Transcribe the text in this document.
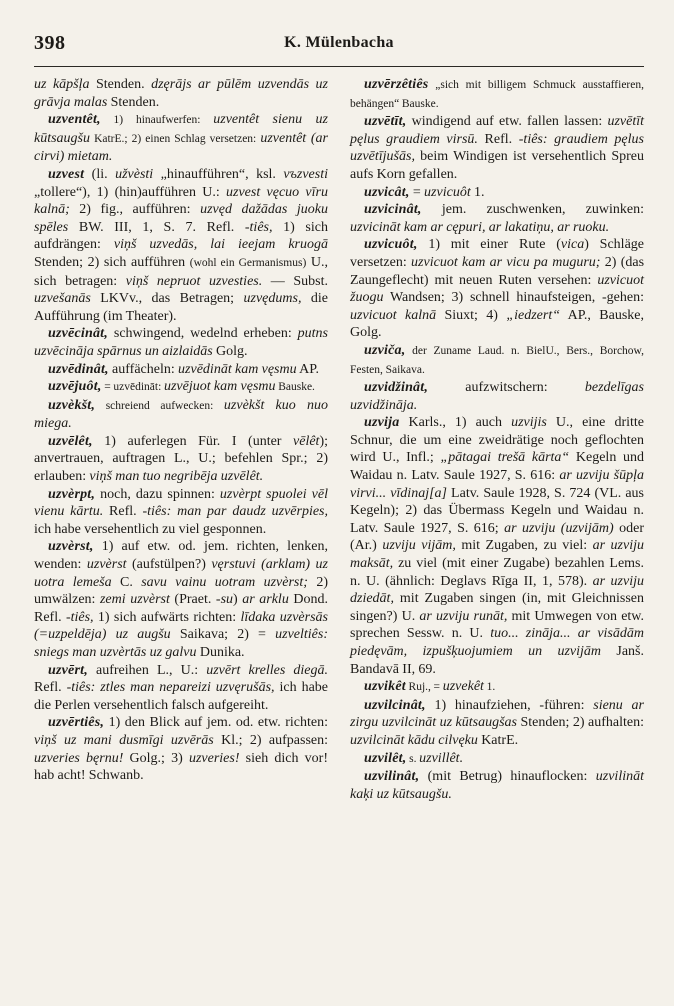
398	K. Mülenbacha

uz kāpšļa Stenden. dzęrājs ar pūlēm uzvendās uz grāvja malas Stenden.

uzventêt, 1) hinaufwerfen: uzventêt sienu uz kūtsaugšu KatrE.; 2) einen Schlag versetzen: uzventêt (ar cirvi) mietam.

uzvest (li. užvèsti „hinaufführen“, ksl. vъzvesti „tollere“), 1) (hin)aufführen U.: uzvest vęcuo vīru kalnā; 2) fig., aufführen: uzvęd dažādas juoku spēles BW. III, 1, S. 7. Refl. -tiês, 1) sich aufdrängen: viņš uzvedās, lai ieejam kruogā Stenden; 2) sich aufführen (wohl ein Germanismus) U., sich betragen: viņš nepruot uzvesties. — Subst. uzvešanās LKVv., das Betragen; uzvędums, die Aufführung (im Theater).

uzvēcinât, schwingend, wedelnd erheben: putns uzvēcināja spārnus un aizlaidās Golg.

uzvēdinât, auffächeln: uzvēdināt kam vęsmu AP.

uzvējuôt, = uzvēdināt: uzvējuot kam vęsmu Bauske.

uzvèkšt, schreiend aufwecken: uzvèkšt kuo nuo miega.

uzvēlêt, 1) auferlegen Für. I (unter vēlêt); anvertrauen, auftragen L., U.; befehlen Spr.; 2) erlauben: viņš man tuo negribēja uzvēlêt.

uzvèrpt, noch, dazu spinnen: uzvèrpt spuolei vēl vienu kārtu. Refl. -tiês: man par daudz uzvērpies, ich habe versehentlich zu viel gesponnen.

uzvèrst, 1) auf etw. od. jem. richten, lenken, wenden: uzvèrst (aufstülpen?) vęrstuvi (arklam) uz uotra lemeša C. savu vainu uotram uzvèrst; 2) umwälzen: zemi uzvèrst (Praet. -su) ar arklu Dond. Refl. -tiês, 1) sich aufwärts richten: līdaka uzvèrsās (=uzpeldēja) uz augšu Saikava; 2) = uzveltiês: sniegs man uzvèrtās uz galvu Dunika.

uzvērt, aufreihen L., U.: uzvērt krelles diegā. Refl. -tiês: ztles man nepareizi uzvęrušās, ich habe die Perlen versehentlich falsch aufgereiht.

uzvērtiês, 1) den Blick auf jem. od. etw. richten: viņš uz mani dusmīgi uzvērās Kl.; 2) aufpassen: uzveries bęrnu! Golg.; 3) uzveries! sieh dich vor! hab acht! Schwanb.

uzvērzêtiês „sich mit billigem Schmuck ausstaffieren, behängen“ Bauske.

uzvētīt, windigend auf etw. fallen lassen: uzvētīt pęlus graudiem virsū. Refl. -tiês: graudiem pęlus uzvētījušās, beim Windigen ist versehentlich Spreu aufs Korn gefallen.

uzvicât, = uzvicuôt 1.

uzvicinât, jem. zuschwenken, zuwinken: uzvicināt kam ar cępuri, ar lakatiņu, ar ruoku.

uzvicuôt, 1) mit einer Rute (vica) Schläge versetzen: uzvicuot kam ar vicu pa muguru; 2) (das Zaungeflecht) mit neuen Ruten versehen: uzvicuot žuogu Wandsen; 3) schnell hinaufsteigen, -gehen: uzvicuot kalnā Siuxt; 4) „iedzert“ AP., Bauske, Golg.

uzviča, der Zuname Laud. n. BielU., Bers., Borchow, Festen, Saikava.

uzvidžinât, aufzwitschern: bezdelīgas uzvidžināja.

uzvija Karls., 1) auch uzvijis U., eine dritte Schnur, die um eine zweidrätige noch geflochten wird U., Infl.; „pātagai trešā kārta“ Kegeln und Waidau n. Latv. Saule 1927, S. 616: ar uzviju šūpļa virvi... vīdinaj[a] Latv. Saule 1928, S. 724 (VL. aus Kegeln); 2) das Übermass Kegeln und Waidau n. Latv. Saule 1927, S. 616; ar uzviju (uzvijām) oder (Ar.) uzviju vijām, mit Zugaben, zu viel: ar uzviju maksāt, zu viel (mit einer Zugabe) bezahlen Lems. n. U. (ähnlich: Deglavs Rīga II, 1, 578). ar uzviju dziedāt, mit Zugaben singen (in, mit Gleichnissen singen?) U. ar uzviju runāt, mit Umwegen von etw. sprechen Sessw. n. U. tuo... zināja... ar visādām piedęvām, izpušķuojumiem un uzvijām Janš. Bandavā II, 69.

uzvikêt Ruj., = uzvekêt 1.

uzvilcinât, 1) hinaufziehen, -führen: sienu ar zirgu uzvilcināt uz kūtsaugšas Stenden; 2) aufhalten: uzvilcināt kādu cilvęku KatrE.

uzvilêt, s. uzvillêt.

uzvilinât, (mit Betrug) hinauflocken: uzvilināt kaķi uz kūtsaugšu.
